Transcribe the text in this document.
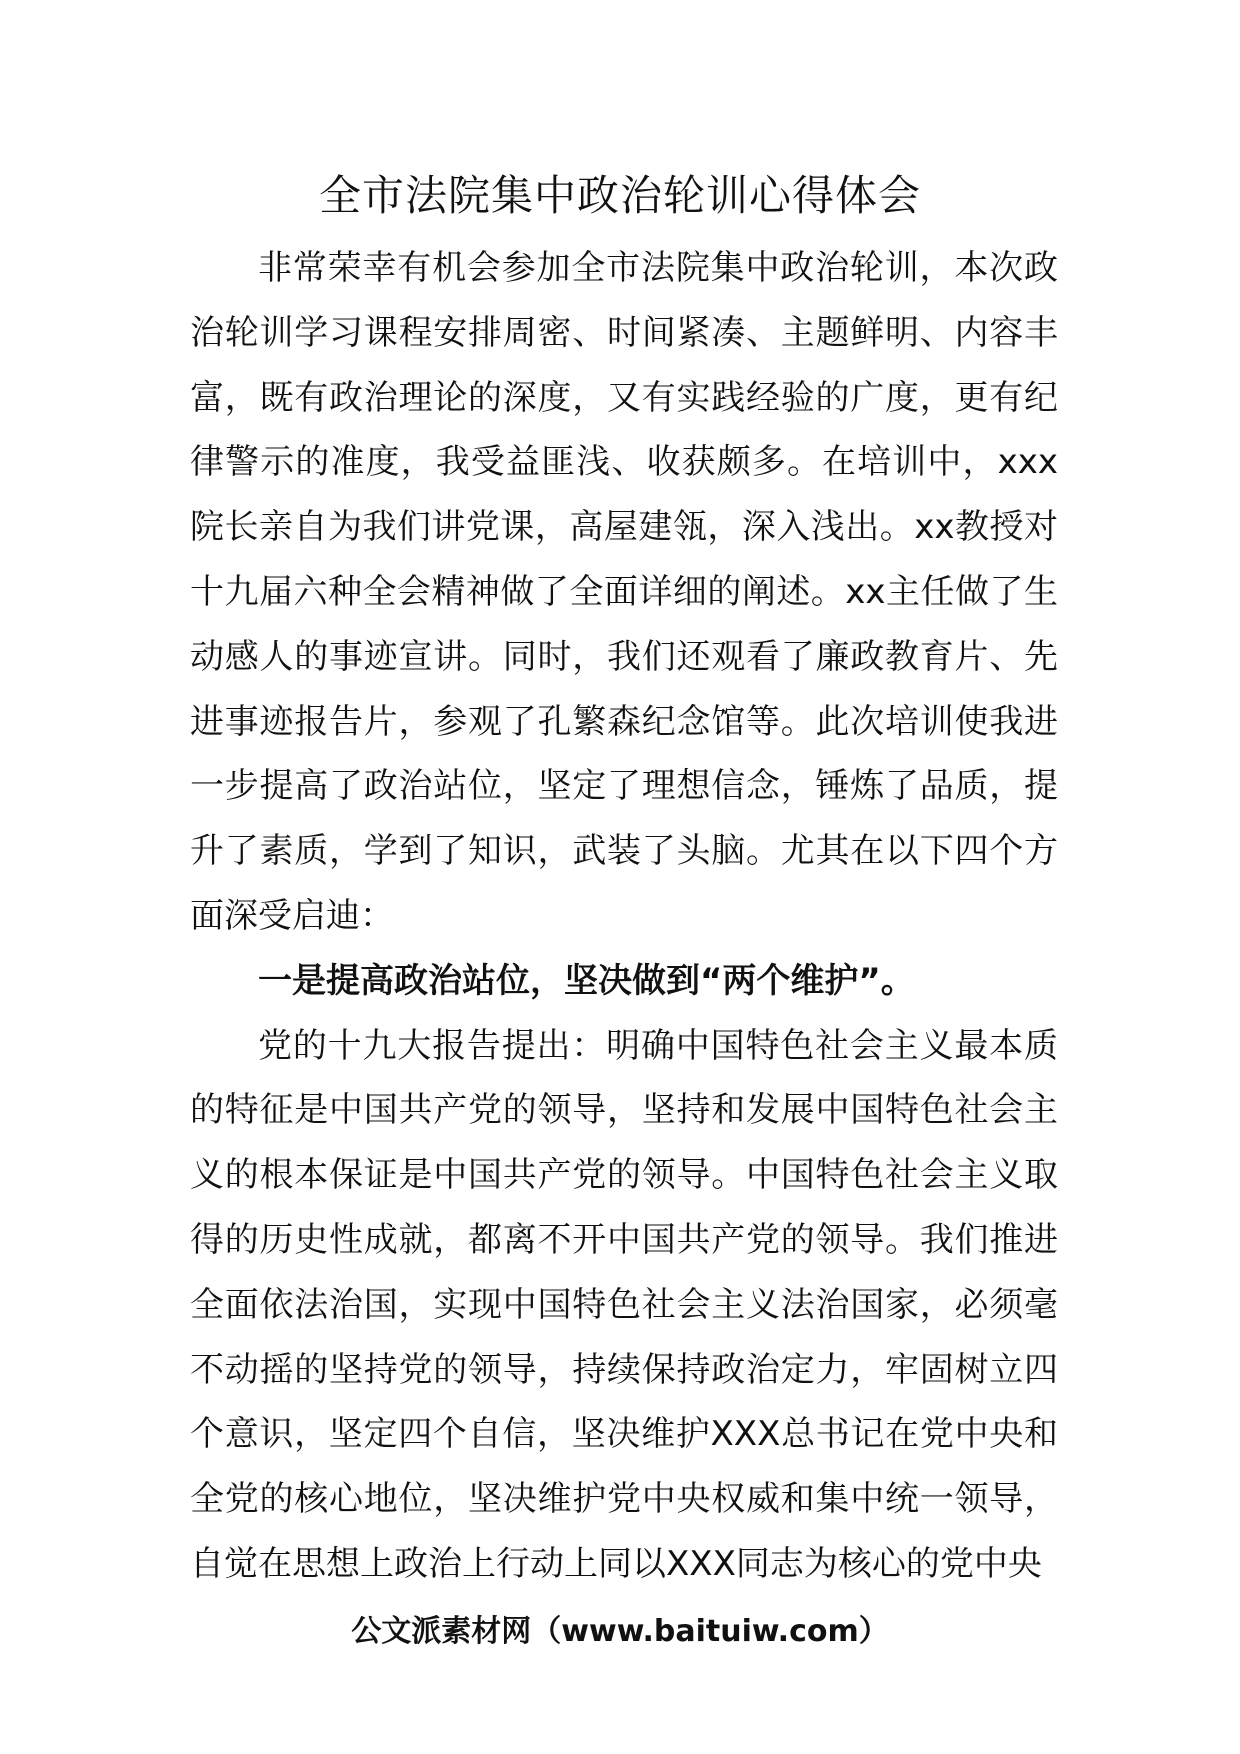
全市法院集中政治轮训心得体会

非常荣幸有机会参加全市法院集中政治轮训，本次政治轮训学习课程安排周密、时间紧凑、主题鲜明、内容丰富，既有政治理论的深度，又有实践经验的广度，更有纪律警示的准度，我受益匪浅、收获颇多。在培训中，xxx院长亲自为我们讲党课，高屋建瓴，深入浅出。xx教授对十九届六种全会精神做了全面详细的阐述。xx主任做了生动感人的事迹宣讲。同时，我们还观看了廉政教育片、先进事迹报告片，参观了孔繁森纪念馆等。此次培训使我进一步提高了政治站位，坚定了理想信念，锤炼了品质，提升了素质，学到了知识，武装了头脑。尤其在以下四个方面深受启迪：

一是提高政治站位，坚决做到“两个维护”。

党的十九大报告提出：明确中国特色社会主义最本质的特征是中国共产党的领导，坚持和发展中国特色社会主义的根本保证是中国共产党的领导。中国特色社会主义取得的历史性成就，都离不开中国共产党的领导。我们推进全面依法治国，实现中国特色社会主义法治国家，必须毫不动摇的坚持党的领导，持续保持政治定力，牢固树立四个意识，坚定四个自信，坚决维护XXX总书记在党中央和全党的核心地位，坚决维护党中央权威和集中统一领导，自觉在思想上政治上行动上同以XXX同志为核心的党中央

公文派素材网（www.baituiw.com）
